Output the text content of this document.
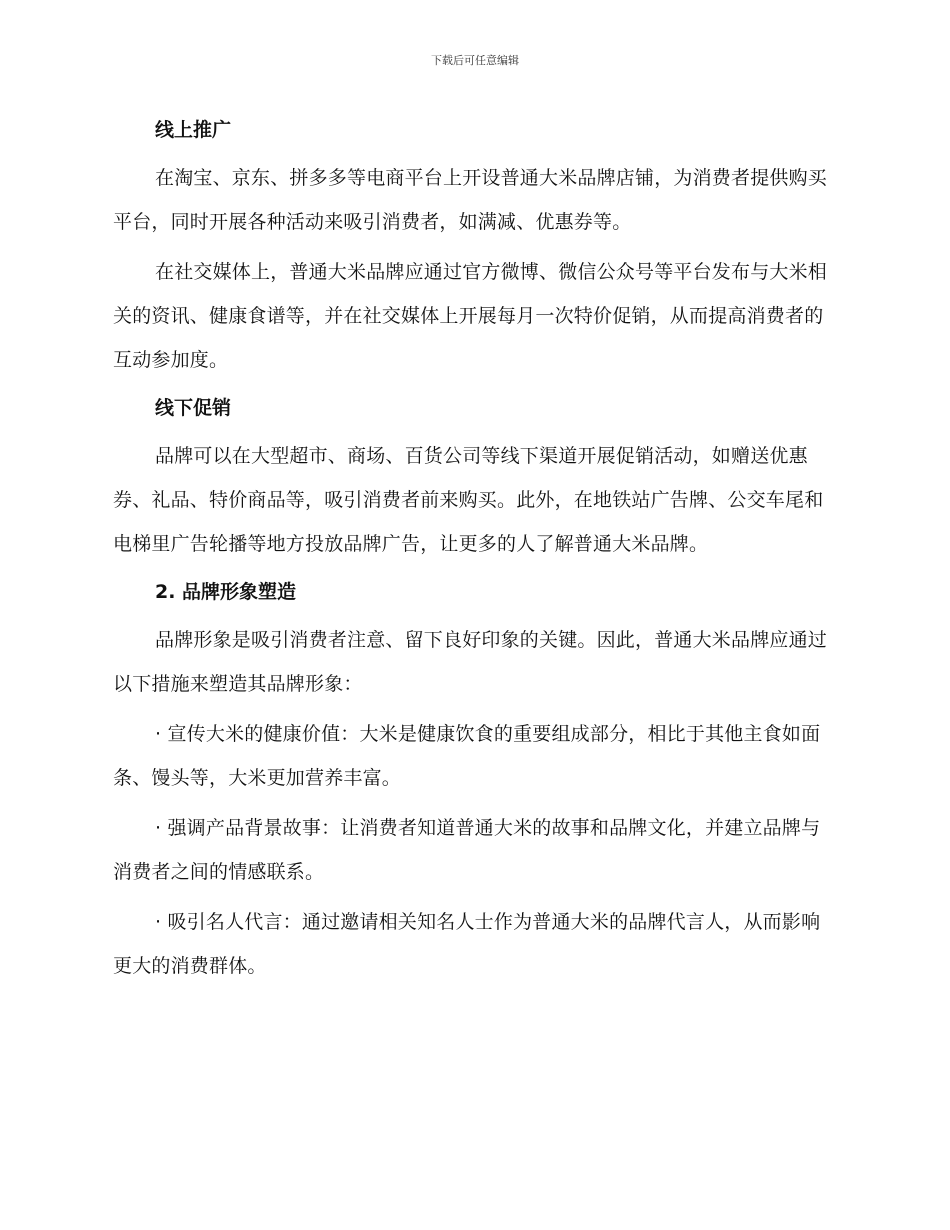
下载后可任意编辑
线上推广

在淘宝、京东、拼多多等电商平台上开设普通大米品牌店铺，为消费者提供购买平台，同时开展各种活动来吸引消费者，如满减、优惠券等。

在社交媒体上，普通大米品牌应通过官方微博、微信公众号等平台发布与大米相关的资讯、健康食谱等，并在社交媒体上开展每月一次特价促销，从而提高消费者的互动参加度。

线下促销

品牌可以在大型超市、商场、百货公司等线下渠道开展促销活动，如赠送优惠券、礼品、特价商品等，吸引消费者前来购买。此外，在地铁站广告牌、公交车尾和电梯里广告轮播等地方投放品牌广告，让更多的人了解普通大米品牌。

2. 品牌形象塑造

品牌形象是吸引消费者注意、留下良好印象的关键。因此，普通大米品牌应通过以下措施来塑造其品牌形象：

· 宣传大米的健康价值：大米是健康饮食的重要组成部分，相比于其他主食如面条、馒头等，大米更加营养丰富。

· 强调产品背景故事：让消费者知道普通大米的故事和品牌文化，并建立品牌与消费者之间的情感联系。

· 吸引名人代言：通过邀请相关知名人士作为普通大米的品牌代言人，从而影响更大的消费群体。
